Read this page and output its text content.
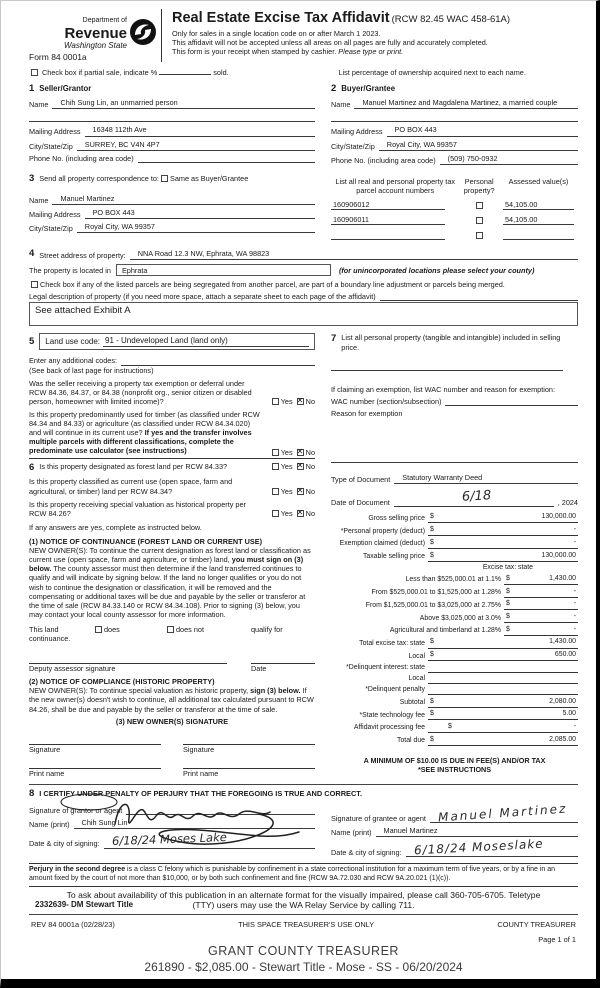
Department of
Revenue
Washington State
Form 84 0001a
Real Estate Excise Tax Affidavit (RCW 82.45 WAC 458-61A)
Only for sales in a single location code on or after March 1 2023.
This affidavit will not be accepted unless all areas on all pages are fully and accurately completed.
This form is your receipt when stamped by cashier. Please type or print.
Check box if partial sale, indicate %	sold.	List percentage of ownership acquired next to each name.
1 Seller/Grantor
Name	Chih Sung Lin, an unmarried person
Mailing Address	16348 112th Ave
City/State/Zip	SURREY, BC V4N 4P7
Phone No. (including area code)
2 Buyer/Grantee
Name	Manuel Martinez and Magdalena Martinez, a married couple
Mailing Address	PO BOX 443
City/State/Zip	Royal City, WA 99357
Phone No. (including area code)	(509) 750-0932
3 Send all property correspondence to: Same as Buyer/Grantee
Name	Manuel Martinez
Mailing Address	PO BOX 443
City/State/Zip	Royal City, WA 99357
List all real and personal property tax parcel account numbers
Personal property?
Assessed value(s)
160906012	54,105.00
160906011	54,105.00
4 Street address of property:	NNA Road 12.3 NW, Ephrata, WA 98823
The property is located in	Ephrata	(for unincorporated locations please select your county)
Check box if any of the listed parcels are being segregated from another parcel, are part of a boundary line adjustment or parcels being merged.
Legal description of property (if you need more space, attach a separate sheet to each page of the affidavit)
See attached Exhibit A
5	Land use code: 91 - Undeveloped Land (land only)
Enter any additional codes:
(See back of last page for instructions)
Was the seller receiving a property tax exemption or deferral under RCW 84.36, 84.37, or 84.38 (nonprofit org., senior citizen or disabled person, homeowner with limited income)?	Yes ✕ No
Is this property predominantly used for timber (as classified under RCW 84.34 and 84.33) or agriculture (as classified under RCW 84.34.020) and will continue in its current use? If yes and the transfer involves multiple parcels with different classifications, complete the predominate use calculator (see instructions)	Yes ✕ No
6 Is this property designated as forest land per RCW 84.33?	Yes ✕ No
Is this property classified as current use (open space, farm and agricultural, or timber) land per RCW 84.34?	Yes ✕ No
Is this property receiving special valuation as historical property per RCW 84.26?	Yes ✕ No
If any answers are yes, complete as instructed below.
(1) NOTICE OF CONTINUANCE (FOREST LAND OR CURRENT USE)
NEW OWNER(S): To continue the current designation as forest land or classification as current use (open space, farm and agriculture, or timber) land, you must sign on (3) below. The county assessor must then determine if the land transferred continues to qualify and will indicate by signing below. If the land no longer qualifies or you do not wish to continue the designation or classification, it will be removed and the compensating or additional taxes will be due and payable by the seller or transferor at the time of sale (RCW 84.33.140 or RCW 84.34.108). Prior to signing (3) below, you may contact your local county assessor for more information.
This land	does	does not	qualify for
continuance.
Deputy assessor signature	Date
(2) NOTICE OF COMPLIANCE (HISTORIC PROPERTY)
NEW OWNER(S): To continue special valuation as historic property, sign (3) below. If the new owner(s) doesn't wish to continue, all additional tax calculated pursuant to RCW 84.26, shall be due and payable by the seller or transferor at the time of sale.
(3) NEW OWNER(S) SIGNATURE
Signature	Signature
Print name	Print name
7 List all personal property (tangible and intangible) included in selling price.
If claiming an exemption, list WAC number and reason for exemption:
WAC number (section/subsection)
Reason for exemption
Type of Document	Statutory Warranty Deed
Date of Document	6/18	, 2024
Gross selling price $	130,000.00
*Personal property (deduct) $	-
Exemption claimed (deduct) $	-
Taxable selling price $	130,000.00
Excise tax: state
Less than $525,000.01 at 1.1% $	1,430.00
From $525,000.01 to $1,525,000 at 1.28% $	-
From $1,525,000.01 to $3,025,000 at 2.75% $	-
Above $3,025,000 at 3.0% $	-
Agricultural and timberland at 1.28% $	-
Total excise tax: state $	1,430.00
Local $	650.00
*Delinquent interest: state
Local
*Delinquent penalty
Subtotal $	2,080.00
*State technology fee $	5.00
Affidavit processing fee	$	-
Total due $	2,085.00
A MINIMUM OF $10.00 IS DUE IN FEE(S) AND/OR TAX
*SEE INSTRUCTIONS
8 I CERTIFY UNDER PENALTY OF PERJURY THAT THE FOREGOING IS TRUE AND CORRECT.
Signature of grantor or agent
Name (print)	Chih Sung Lin
Date & city of signing:	6/18/24 Moses Lake
Signature of grantee or agent Manuel Martinez
Name (print)	Manuel Martinez
Date & city of signing: 6/18/24 Moseslake
Perjury in the second degree is a class C felony which is punishable by confinement in a state correctional institution for a maximum term of five years, or by a fine in an amount fixed by the court of not more than $10,000, or by both such confinement and fine (RCW 9A.72.030 and RCW 9A.20.021 (1)(c)).
To ask about availability of this publication in an alternate format for the visually impaired, please call 360-705-6705. Teletype
(TTY) users may use the WA Relay Service by calling 711.
2332639- DM Stewart Title
REV 84 0001a (02/28/23)	THIS SPACE TREASURER'S USE ONLY	COUNTY TREASURER
Page 1 of 1
GRANT COUNTY TREASURER
261890 - $2,085.00 - Stewart Title - Mose - SS - 06/20/2024
